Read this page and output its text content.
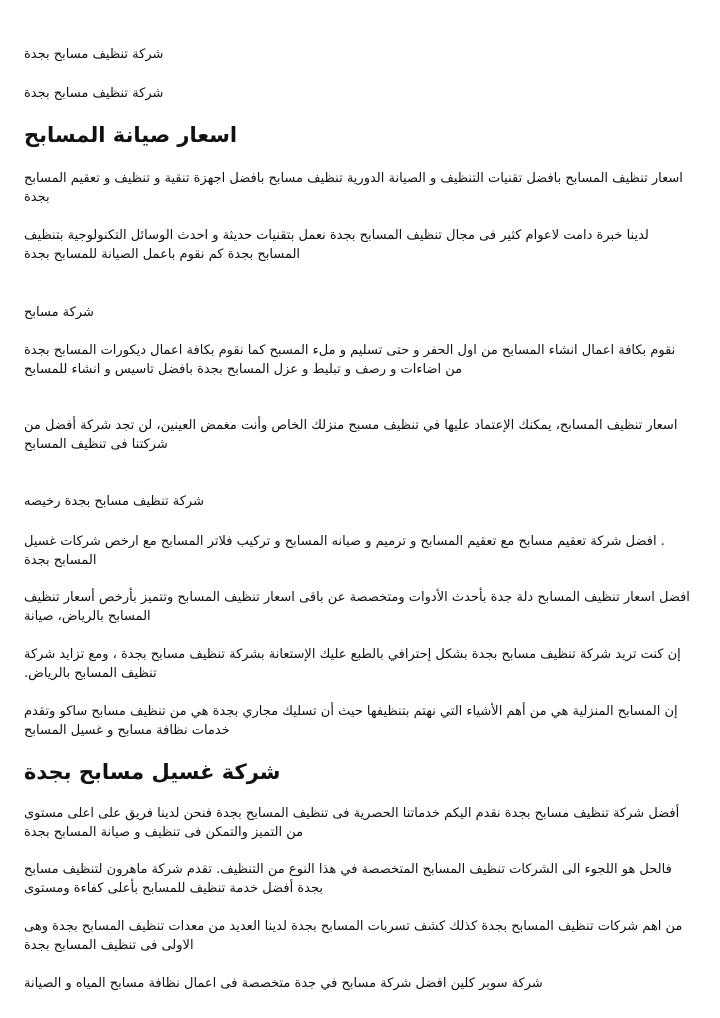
شركة تنظيف مسابح بجدة

شركة تنظيف مسابح بجدة

اسعار صيانة المسابح

اسعار تنظيف المسابح بافضل تقنيات التنظيف و الصيانة الدورية تنظيف مسابح بافضل اجهزة تنقية و تنظيف و تعقيم المسابح بجدة

لدينا خبرة دامت لاعوام كثير فى مجال تنظيف المسابح بجدة نعمل بتقنيات حديثة و احدث الوسائل التكنولوجية بتنظيف المسابح بجدة كم نقوم باعمل الصيانة للمسابح بجدة

شركة مسابح

نقوم بكافة اعمال انشاء المسابح من اول الحفر و حتى تسليم و ملء المسبح كما نقوم بكافة اعمال ديكورات المسابح بجدة من اضاءات و رصف و تبليط و عزل المسابح بجدة بافضل تاسيس و انشاء للمسابح

اسعار تنظيف المسابح، يمكنك الإعتماد عليها في تنظيف مسبح منزلك الخاص وأنت مغمض العينين، لن تجد شركة أفضل من شركتنا فى تنظيف المسابح

شركة تنظيف مسابح بجدة رخيصه

. افضل شركة تعقيم مسابح مع تعقيم المسابح و ترميم و صيانه المسابح و تركيب فلاتر المسابح مع ارخص شركات غسيل المسابح بجدة

افضل اسعار تنظيف المسابح دلة جدة بأحدث الأدوات ومتخصصة عن باقى اسعار تنظيف المسابح وتتميز بأرخص أسعار تنظيف المسابح بالرياض، صيانة

إن كنت تريد شركة تنظيف مسابح بجدة بشكل إحترافي بالطبع عليك الإستعانة بشركة تنظيف مسابح بجدة ، ومع تزايد شركة تنظيف المسابح بالرياض.

إن المسابح المنزلية هي من أهم الأشياء التي نهتم بتنظيفها حيث أن تسليك مجاري بجدة هي من تنظيف مسابح ساكو وتقدم خدمات نظافة مسابح و غسيل المسابح

شركة غسيل مسابح بجدة

أفضل شركة تنظيف مسابح بجدة نقدم اليكم خدماتنا الحصرية فى تنظيف المسابح بجدة فنحن لدينا فريق على اعلى مستوى من التميز والتمكن فى تنظيف و صيانة المسابح بجدة

فالحل هو اللجوء الى الشركات تنظيف المسابح المتخصصة في هذا النوع من التنظيف. تقدم شركة ماهرون لتنظيف مسابح بجدة أفضل خدمة تنظيف للمسابح بأعلى كفاءة ومستوى

من اهم شركات تنظيف المسابح بجدة كذلك كشف تسربات المسابح بجدة لدينا العديد من معدات تنظيف المسابح بجدة وهى الاولى فى تنظيف المسابح بجدة

شركة سوبر كلين افضل شركة مسابح في جدة متخصصة فى اعمال نظافة مسابح المياه و الصيانة
